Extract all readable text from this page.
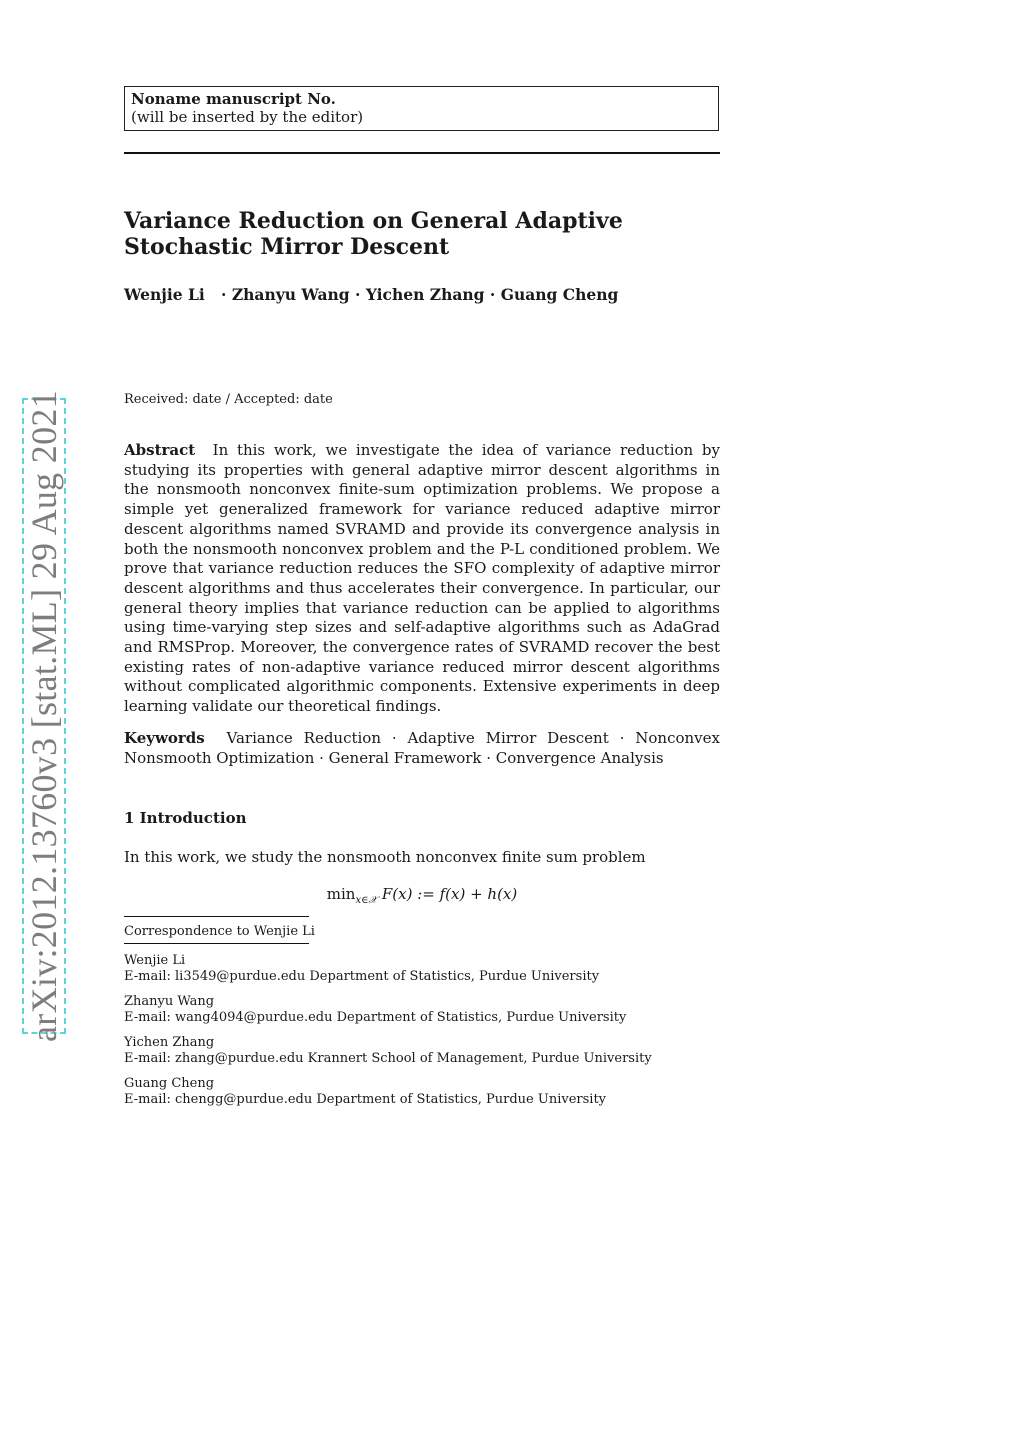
arXiv:2012.13760v3 [stat.ML] 29 Aug 2021
Noname manuscript No.
(will be inserted by the editor)
Variance Reduction on General Adaptive Stochastic Mirror Descent
Wenjie Li · Zhanyu Wang · Yichen Zhang · Guang Cheng
Received: date / Accepted: date
Abstract In this work, we investigate the idea of variance reduction by studying its properties with general adaptive mirror descent algorithms in the nonsmooth nonconvex finite-sum optimization problems. We propose a simple yet generalized framework for variance reduced adaptive mirror descent algorithms named SVRAMD and provide its convergence analysis in both the nonsmooth nonconvex problem and the P-L conditioned problem. We prove that variance reduction reduces the SFO complexity of adaptive mirror descent algorithms and thus accelerates their convergence. In particular, our general theory implies that variance reduction can be applied to algorithms using time-varying step sizes and self-adaptive algorithms such as AdaGrad and RMSProp. Moreover, the convergence rates of SVRAMD recover the best existing rates of non-adaptive variance reduced mirror descent algorithms without complicated algorithmic components. Extensive experiments in deep learning validate our theoretical findings.
Keywords Variance Reduction · Adaptive Mirror Descent · Nonconvex Nonsmooth Optimization · General Framework · Convergence Analysis
1 Introduction
In this work, we study the nonsmooth nonconvex finite sum problem
$\min_{x\in 𝒳} F(x)$ := f(x) + h(x)
Correspondence to Wenjie Li
Wenjie Li
E-mail: li3549@purdue.edu Department of Statistics, Purdue University
Zhanyu Wang
E-mail: wang4094@purdue.edu Department of Statistics, Purdue University
Yichen Zhang
E-mail: zhang@purdue.edu Krannert School of Management, Purdue University
Guang Cheng
E-mail: chengg@purdue.edu Department of Statistics, Purdue University
